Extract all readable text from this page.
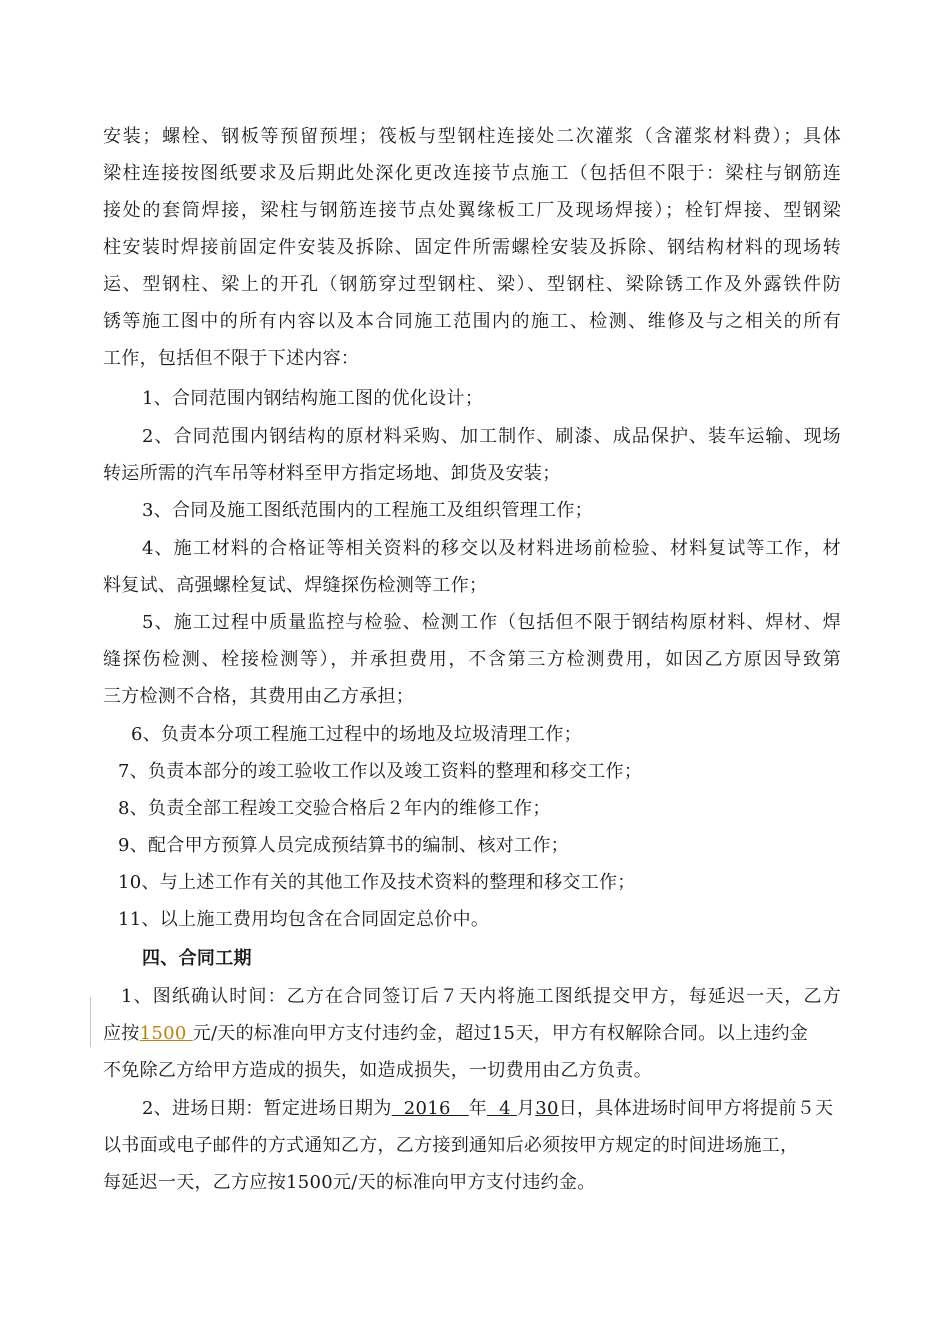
安装；螺栓、钢板等预留预埋；筏板与型钢柱连接处二次灌浆（含灌浆材料费）；具体
梁柱连接按图纸要求及后期此处深化更改连接节点施工（包括但不限于：梁柱与钢筋连
接处的套筒焊接，梁柱与钢筋连接节点处翼缘板工厂及现场焊接）；栓钉焊接、型钢梁
柱安装时焊接前固定件安装及拆除、固定件所需螺栓安装及拆除、钢结构材料的现场转
运、型钢柱、梁上的开孔（钢筋穿过型钢柱、梁）、型钢柱、梁除锈工作及外露铁件防
锈等施工图中的所有内容以及本合同施工范围内的施工、检测、维修及与之相关的所有
工作，包括但不限于下述内容：
1、合同范围内钢结构施工图的优化设计；
2、合同范围内钢结构的原材料采购、加工制作、刷漆、成品保护、装车运输、现场
转运所需的汽车吊等材料至甲方指定场地、卸货及安装；
3、合同及施工图纸范围内的工程施工及组织管理工作；
4、施工材料的合格证等相关资料的移交以及材料进场前检验、材料复试等工作，材
料复试、高强螺栓复试、焊缝探伤检测等工作；
5、施工过程中质量监控与检验、检测工作（包括但不限于钢结构原材料、焊材、焊
缝探伤检测、栓接检测等），并承担费用，不含第三方检测费用，如因乙方原因导致第
三方检测不合格，其费用由乙方承担；
6、负责本分项工程施工过程中的场地及垃圾清理工作；
7、负责本部分的竣工验收工作以及竣工资料的整理和移交工作；
8、负责全部工程竣工交验合格后２年内的维修工作；
9、配合甲方预算人员完成预结算书的编制、核对工作；
10、与上述工作有关的其他工作及技术资料的整理和移交工作；
11、以上施工费用均包含在合同固定总价中。
四、合同工期
1、图纸确认时间：乙方在合同签订后７天内将施工图纸提交甲方，每延迟一天，乙方
应按1500 元/天的标准向甲方支付违约金，超过15天，甲方有权解除合同。以上违约金
不免除乙方给甲方造成的损失，如造成损失，一切费用由乙方负责。
2、进场日期：暂定进场日期为  2016   年  4 月30日，具体进场时间甲方将提前５天
以书面或电子邮件的方式通知乙方，乙方接到通知后必须按甲方规定的时间进场施工，
每延迟一天，乙方应按1500元/天的标准向甲方支付违约金。
